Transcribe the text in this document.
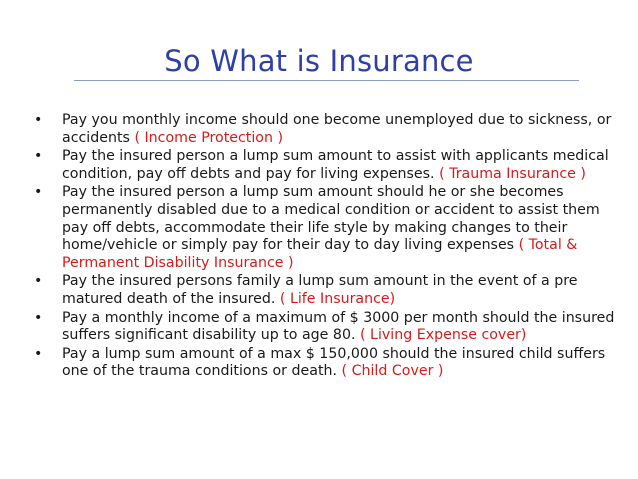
So What is Insurance
• Pay you monthly income should one become unemployed due to sickness, or accidents ( Income Protection )
• Pay the insured person a lump sum amount to assist with applicants medical condition, pay off debts and pay for living expenses. ( Trauma Insurance )
• Pay the insured person a lump sum amount should he or she becomes permanently disabled due to a medical condition or accident to assist them pay off debts, accommodate their life style by making changes to their home/vehicle or simply pay for their day to day living expenses ( Total & Permanent Disability Insurance )
• Pay the insured persons family a lump sum amount in the event of a pre matured death of the insured. ( Life Insurance)
• Pay a monthly income of a maximum of $ 3000 per month should the insured suffers significant disability up to age 80. ( Living Expense cover)
• Pay a lump sum amount of a max $ 150,000 should the insured child suffers one of the trauma conditions or death. ( Child Cover )
